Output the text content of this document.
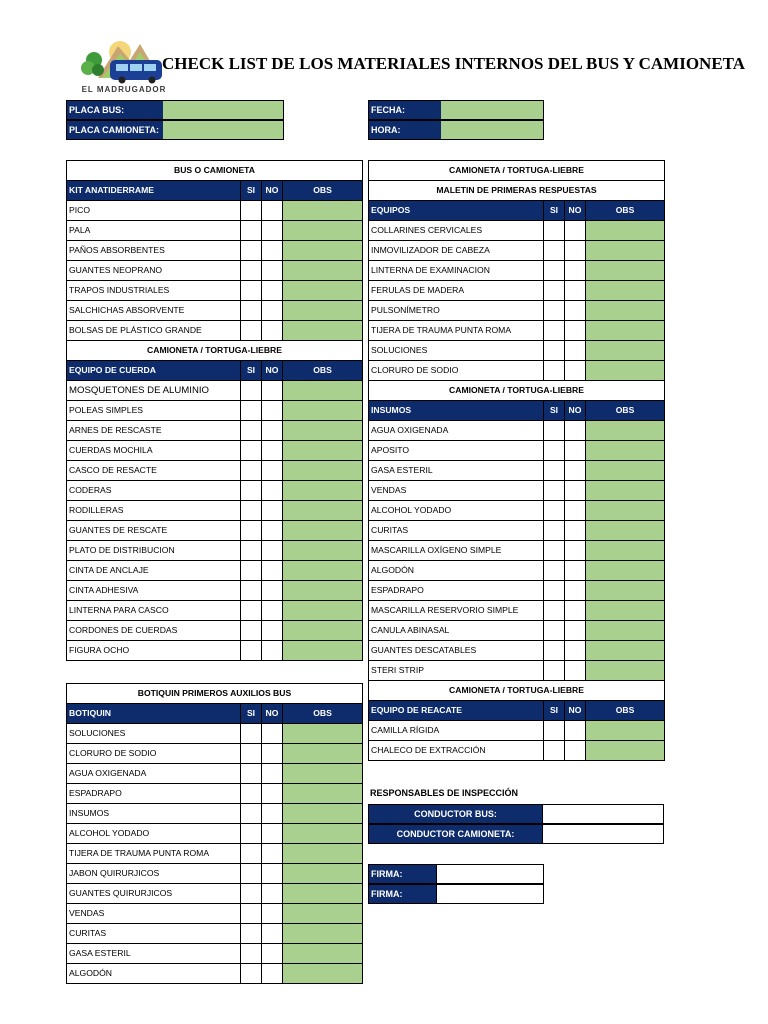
CHECK LIST DE LOS MATERIALES INTERNOS DEL BUS Y CAMIONETA
EL MADRUGADOR
PLACA BUS:
PLACA CAMIONETA:
FECHA:
HORA:
BUS O CAMIONETA			
KIT ANATIDERRAME	SI	NO	OBS
PICO			
PALA			
PAÑOS ABSORBENTES			
GUANTES NEOPRANO			
TRAPOS INDUSTRIALES			
SALCHICHAS ABSORVENTE			
BOLSAS DE PLÁSTICO GRANDE			
CAMIONETA / TORTUGA-LIEBRE			
EQUIPO DE CUERDA	SI	NO	OBS
MOSQUETONES DE ALUMINIO			
POLEAS SIMPLES			
ARNES DE RESCASTE			
CUERDAS MOCHILA			
CASCO DE RESACTE			
CODERAS			
RODILLERAS			
GUANTES DE RESCATE			
PLATO DE DISTRIBUCION			
CINTA DE ANCLAJE			
CINTA ADHESIVA			
LINTERNA PARA CASCO			
CORDONES DE CUERDAS			
FIGURA OCHO			
BOTIQUIN PRIMEROS AUXILIOS BUS			
BOTIQUIN	SI	NO	OBS
SOLUCIONES			
CLORURO DE SODIO			
AGUA OXIGENADA			
ESPADRAPO			
INSUMOS			
ALCOHOL YODADO			
TIJERA DE TRAUMA PUNTA ROMA			
JABON QUIRURJICOS			
GUANTES QUIRURJICOS			
VENDAS			
CURITAS			
GASA ESTERIL			
ALGODÓN			
CAMIONETA / TORTUGA-LIEBRE			
MALETIN DE PRIMERAS RESPUESTAS			
EQUIPOS	SI	NO	OBS
COLLARINES CERVICALES			
INMOVILIZADOR DE CABEZA			
LINTERNA DE EXAMINACION			
FERULAS DE MADERA			
PULSONÍMETRO			
TIJERA DE TRAUMA PUNTA ROMA			
SOLUCIONES			
CLORURO DE SODIO			
CAMIONETA / TORTUGA-LIEBRE			
INSUMOS	SI	NO	OBS
AGUA OXIGENADA			
APOSITO			
GASA ESTERIL			
VENDAS			
ALCOHOL YODADO			
CURITAS			
MASCARILLA OXÍGENO SIMPLE			
ALGODÓN			
ESPADRAPO			
MASCARILLA RESERVORIO SIMPLE			
CANULA ABINASAL			
GUANTES DESCATABLES			
STERI STRIP			
CAMIONETA / TORTUGA-LIEBRE			
EQUIPO DE REACATE	SI	NO	OBS
CAMILLA RÍGIDA			
CHALECO DE EXTRACCIÓN			
RESPONSABLES DE INSPECCIÓN
CONDUCTOR BUS:
CONDUCTOR CAMIONETA:
FIRMA:
FIRMA:
